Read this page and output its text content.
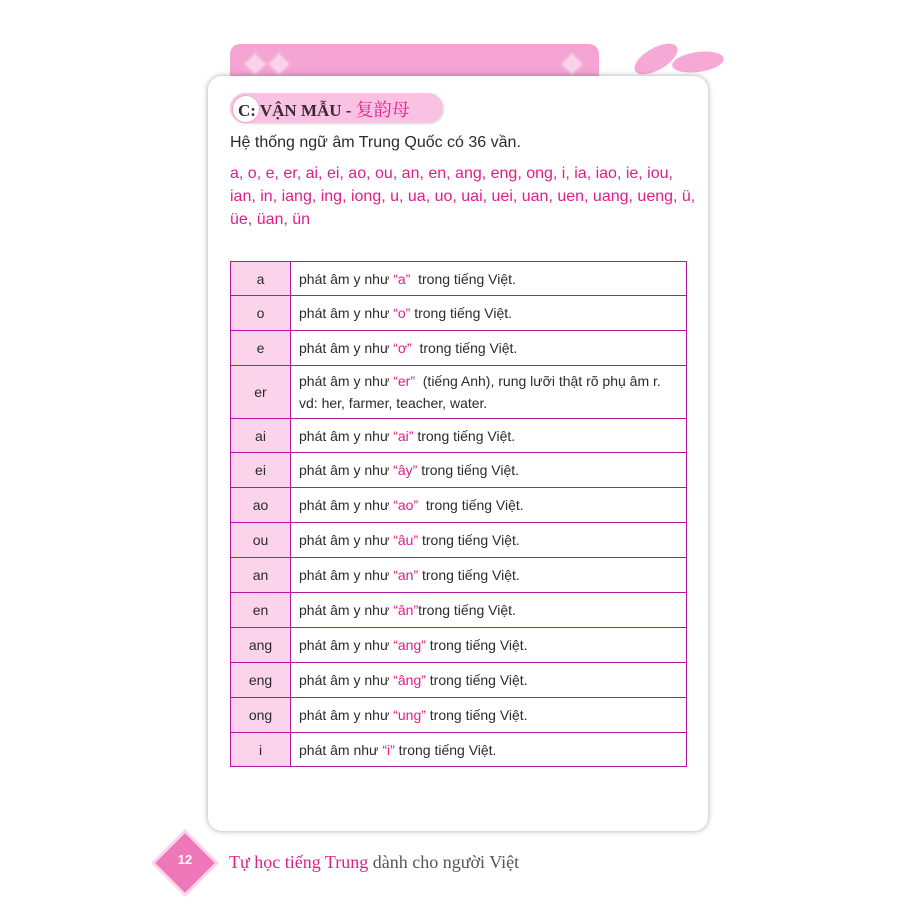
C: VẬN MẪU - 复韵母
Hệ thống ngữ âm Trung Quốc có 36 vần.
a, o, e, er, ai, ei, ao, ou, an, en, ang, eng, ong, i, ia, iao, ie, iou, ian, in, iang, ing, iong, u, ua, uo, uai, uei, uan, uen, uang, ueng, ü, üe, üan, ün
a	phát âm y như “a”  trong tiếng Việt.
o	phát âm y như “o” trong tiếng Việt.
e	phát âm y như “ơ”  trong tiếng Việt.
er	phát âm y như “er”  (tiếng Anh), rung lưỡi thật rõ phụ âm r. vd: her, farmer, teacher, water.
ai	phát âm y như “ai” trong tiếng Việt.
ei	phát âm y như “ây” trong tiếng Việt.
ao	phát âm y như “ao”  trong tiếng Việt.
ou	phát âm y như “âu” trong tiếng Việt.
an	phát âm y như “an” trong tiếng Việt.
en	phát âm y như “ân”trong tiếng Việt.
ang	phát âm y như “ang” trong tiếng Việt.
eng	phát âm y như “âng” trong tiếng Việt.
ong	phát âm y như “ung” trong tiếng Việt.
i	phát âm như “i” trong tiếng Việt.
12	Tự học tiếng Trung dành cho người Việt
